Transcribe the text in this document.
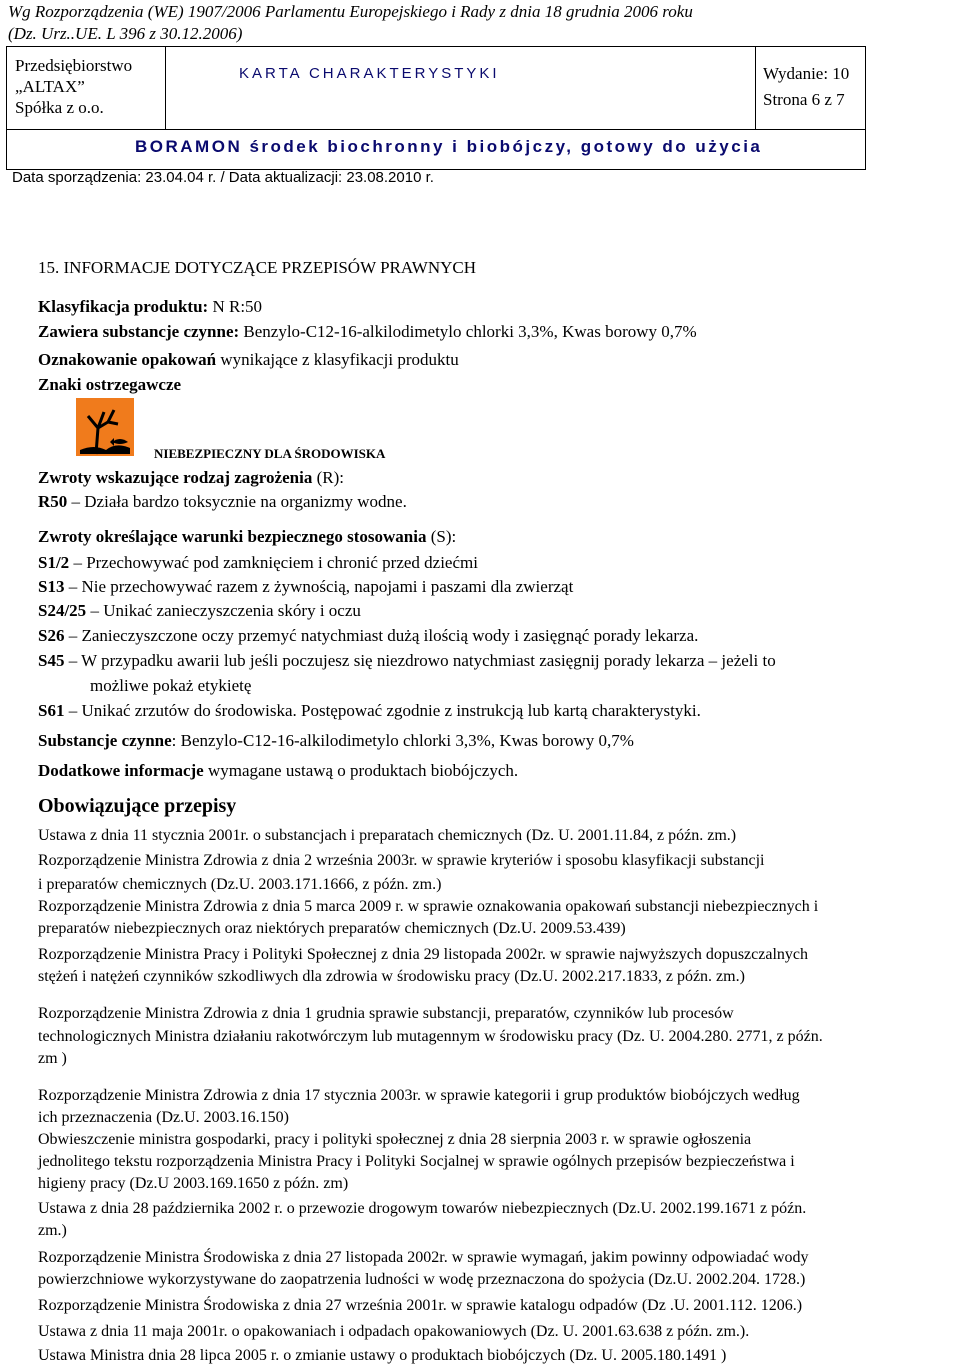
Wg Rozporządzenia (WE) 1907/2006 Parlamentu Europejskiego i Rady z dnia 18 grudnia 2006 roku
(Dz. Urz..UE. L 396 z 30.12.2006)
Przedsiębiorstwo
„ALTAX”
Spółka z o.o.
KARTA CHARAKTERYSTYKI	Wydanie: 10
Strona 6 z 7
BORAMON środek biochronny i biobójczy, gotowy do użycia
Data sporządzenia: 23.04.04 r. / Data aktualizacji: 23.08.2010 r.
15. INFORMACJE DOTYCZĄCE PRZEPISÓW PRAWNYCH
Klasyfikacja produktu: N R:50
Zawiera substancje czynne: Benzylo-C12-16-alkilodimetylo chlorki 3,3%, Kwas borowy 0,7%
Oznakowanie opakowań wynikające z klasyfikacji produktu
Znaki ostrzegawcze
NIEBEZPIECZNY DLA ŚRODOWISKA
Zwroty wskazujące rodzaj zagrożenia (R):
R50 – Działa bardzo toksycznie na organizmy wodne.
Zwroty określające warunki bezpiecznego stosowania (S):
S1/2 – Przechowywać pod zamknięciem i chronić przed dziećmi
S13 – Nie przechowywać razem z żywnością, napojami i paszami dla zwierząt
S24/25 – Unikać zanieczyszczenia skóry i oczu
S26 – Zanieczyszczone oczy przemyć natychmiast dużą ilością wody i zasięgnąć porady lekarza.
S45 – W przypadku awarii lub jeśli poczujesz się niezdrowo natychmiast zasięgnij porady lekarza – jeżeli to
możliwe pokaż etykietę
S61 – Unikać zrzutów do środowiska. Postępować zgodnie z instrukcją lub kartą charakterystyki.
Substancje czynne: Benzylo-C12-16-alkilodimetylo chlorki 3,3%, Kwas borowy 0,7%
Dodatkowe informacje wymagane ustawą o produktach biobójczych.
Obowiązujące przepisy
Ustawa z dnia 11 stycznia 2001r. o substancjach i preparatach chemicznych (Dz. U. 2001.11.84, z późn. zm.)
Rozporządzenie Ministra Zdrowia z dnia 2 września 2003r. w sprawie kryteriów i sposobu klasyfikacji substancji
i preparatów chemicznych (Dz.U. 2003.171.1666, z późn. zm.)
Rozporządzenie Ministra Zdrowia z dnia 5 marca 2009 r. w sprawie oznakowania opakowań substancji niebezpiecznych i
preparatów niebezpiecznych oraz niektórych preparatów chemicznych (Dz.U. 2009.53.439)
Rozporządzenie Ministra Pracy i Polityki Społecznej z dnia 29 listopada 2002r. w sprawie najwyższych dopuszczalnych
stężeń i natężeń czynników szkodliwych dla zdrowia w środowisku pracy (Dz.U. 2002.217.1833, z późn. zm.)
Rozporządzenie Ministra Zdrowia z dnia 1 grudnia sprawie substancji, preparatów, czynników lub procesów
technologicznych Ministra działaniu rakotwórczym lub mutagennym w środowisku pracy (Dz. U. 2004.280. 2771, z późn.
zm )
Rozporządzenie Ministra Zdrowia z dnia 17 stycznia 2003r. w sprawie kategorii i grup produktów biobójczych według
ich przeznaczenia (Dz.U. 2003.16.150)
Obwieszczenie ministra gospodarki, pracy i polityki społecznej z dnia 28 sierpnia 2003 r. w sprawie ogłoszenia
jednolitego tekstu rozporządzenia Ministra Pracy i Polityki Socjalnej w sprawie ogólnych przepisów bezpieczeństwa i
higieny pracy (Dz.U 2003.169.1650 z późn. zm)
Ustawa z dnia 28 października 2002 r. o przewozie drogowym towarów niebezpiecznych (Dz.U. 2002.199.1671 z późn.
zm.)
Rozporządzenie Ministra Środowiska z dnia 27 listopada 2002r. w sprawie wymagań, jakim powinny odpowiadać wody
powierzchniowe wykorzystywane do zaopatrzenia ludności w wodę przeznaczona do spożycia (Dz.U. 2002.204. 1728.)
Rozporządzenie Ministra Środowiska z dnia 27 września 2001r. w sprawie katalogu odpadów (Dz .U. 2001.112. 1206.)
Ustawa z dnia 11 maja 2001r. o opakowaniach i odpadach opakowaniowych (Dz. U. 2001.63.638 z późn. zm.).
Ustawa Ministra dnia 28 lipca 2005 r. o zmianie ustawy o produktach biobójczych (Dz. U. 2005.180.1491 )
